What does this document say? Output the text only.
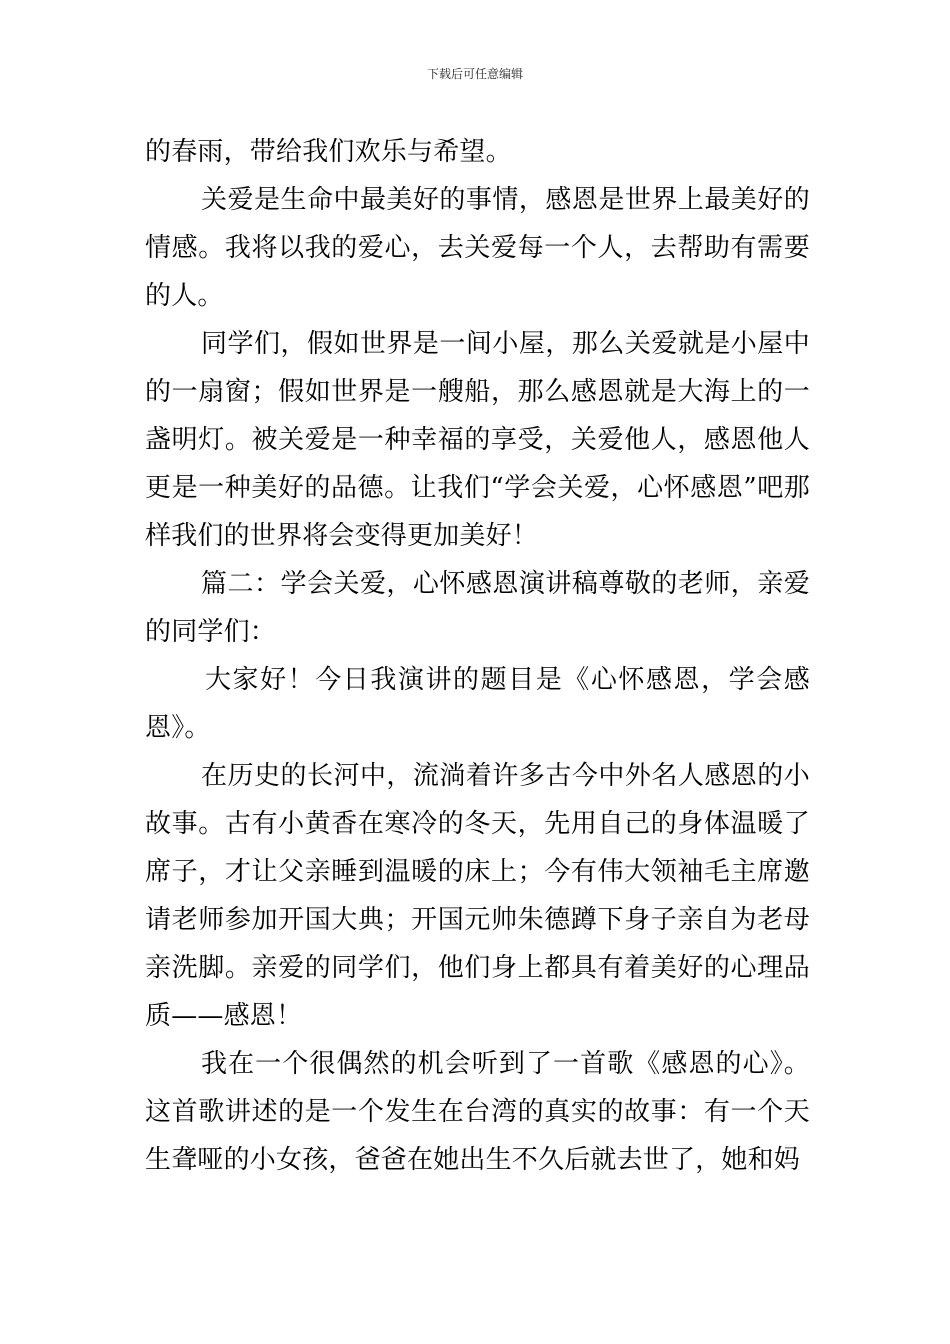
下载后可任意编辑

的春雨，带给我们欢乐与希望。

关爱是生命中最美好的事情，感恩是世界上最美好的情感。我将以我的爱心，去关爱每一个人，去帮助有需要的人。

同学们，假如世界是一间小屋，那么关爱就是小屋中的一扇窗；假如世界是一艘船，那么感恩就是大海上的一盏明灯。被关爱是一种幸福的享受，关爱他人，感恩他人更是一种美好的品德。让我们“学会关爱，心怀感恩”吧那样我们的世界将会变得更加美好！

篇二：学会关爱，心怀感恩演讲稿尊敬的老师，亲爱的同学们：

大家好！今日我演讲的题目是《心怀感恩，学会感恩》。

在历史的长河中，流淌着许多古今中外名人感恩的小故事。古有小黄香在寒冷的冬天，先用自己的身体温暖了席子，才让父亲睡到温暖的床上；今有伟大领袖毛主席邀请老师参加开国大典；开国元帅朱德蹲下身子亲自为老母亲洗脚。亲爱的同学们，他们身上都具有着美好的心理品质——感恩！

我在一个很偶然的机会听到了一首歌《感恩的心》。这首歌讲述的是一个发生在台湾的真实的故事：有一个天生聋哑的小女孩，爸爸在她出生不久后就去世了，她和妈
